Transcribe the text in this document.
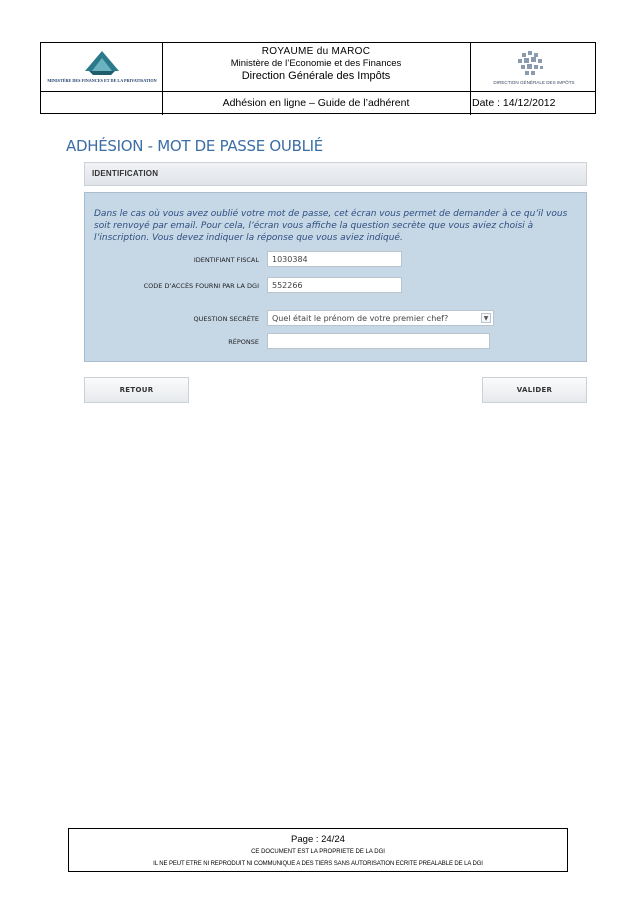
MINISTÈRE DES FINANCES ET DE LA PRIVATISATION
ROYAUME du MAROC
Ministère de l’Economie et des Finances
Direction Générale des Impôts
Adhésion en ligne – Guide de l’adhérent	Date : 14/12/2012
DIRECTION GÉNÉRALE DES IMPÔTS
ADHÉSION - MOT DE PASSE OUBLIÉ
IDENTIFICATION
Dans le cas où vous avez oublié votre mot de passe, cet écran vous permet de demander à ce qu’il vous soit renvoyé par email. Pour cela, l’écran vous affiche la question secrète que vous aviez choisi à l’inscription. Vous devez indiquer la réponse que vous aviez indiqué.
IDENTIFIANT FISCAL	1030384
CODE D’ACCÈS FOURNI PAR LA DGI	552266
QUESTION SECRÈTE	Quel était le prénom de votre premier chef?	▼
RÉPONSE
RETOUR	VALIDER
Page : 24/24
CE DOCUMENT EST LA PROPRIETE DE LA DGI
IL NE PEUT ETRE NI REPRODUIT NI COMMUNIQUE A DES TIERS SANS AUTORISATION ECRITE PREALABLE DE LA DGI
